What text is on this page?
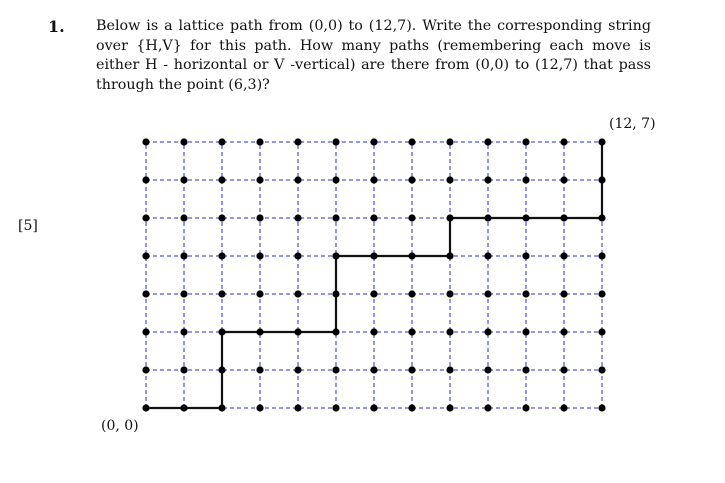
1. Below is a lattice path from (0,0) to (12,7). Write the corresponding string over {H,V} for this path. How many paths (remembering each move is either H - horizontal or V -vertical) are there from (0,0) to (12,7) that pass through the point (6,3)?
[5]
(12, 7)
(0, 0)
